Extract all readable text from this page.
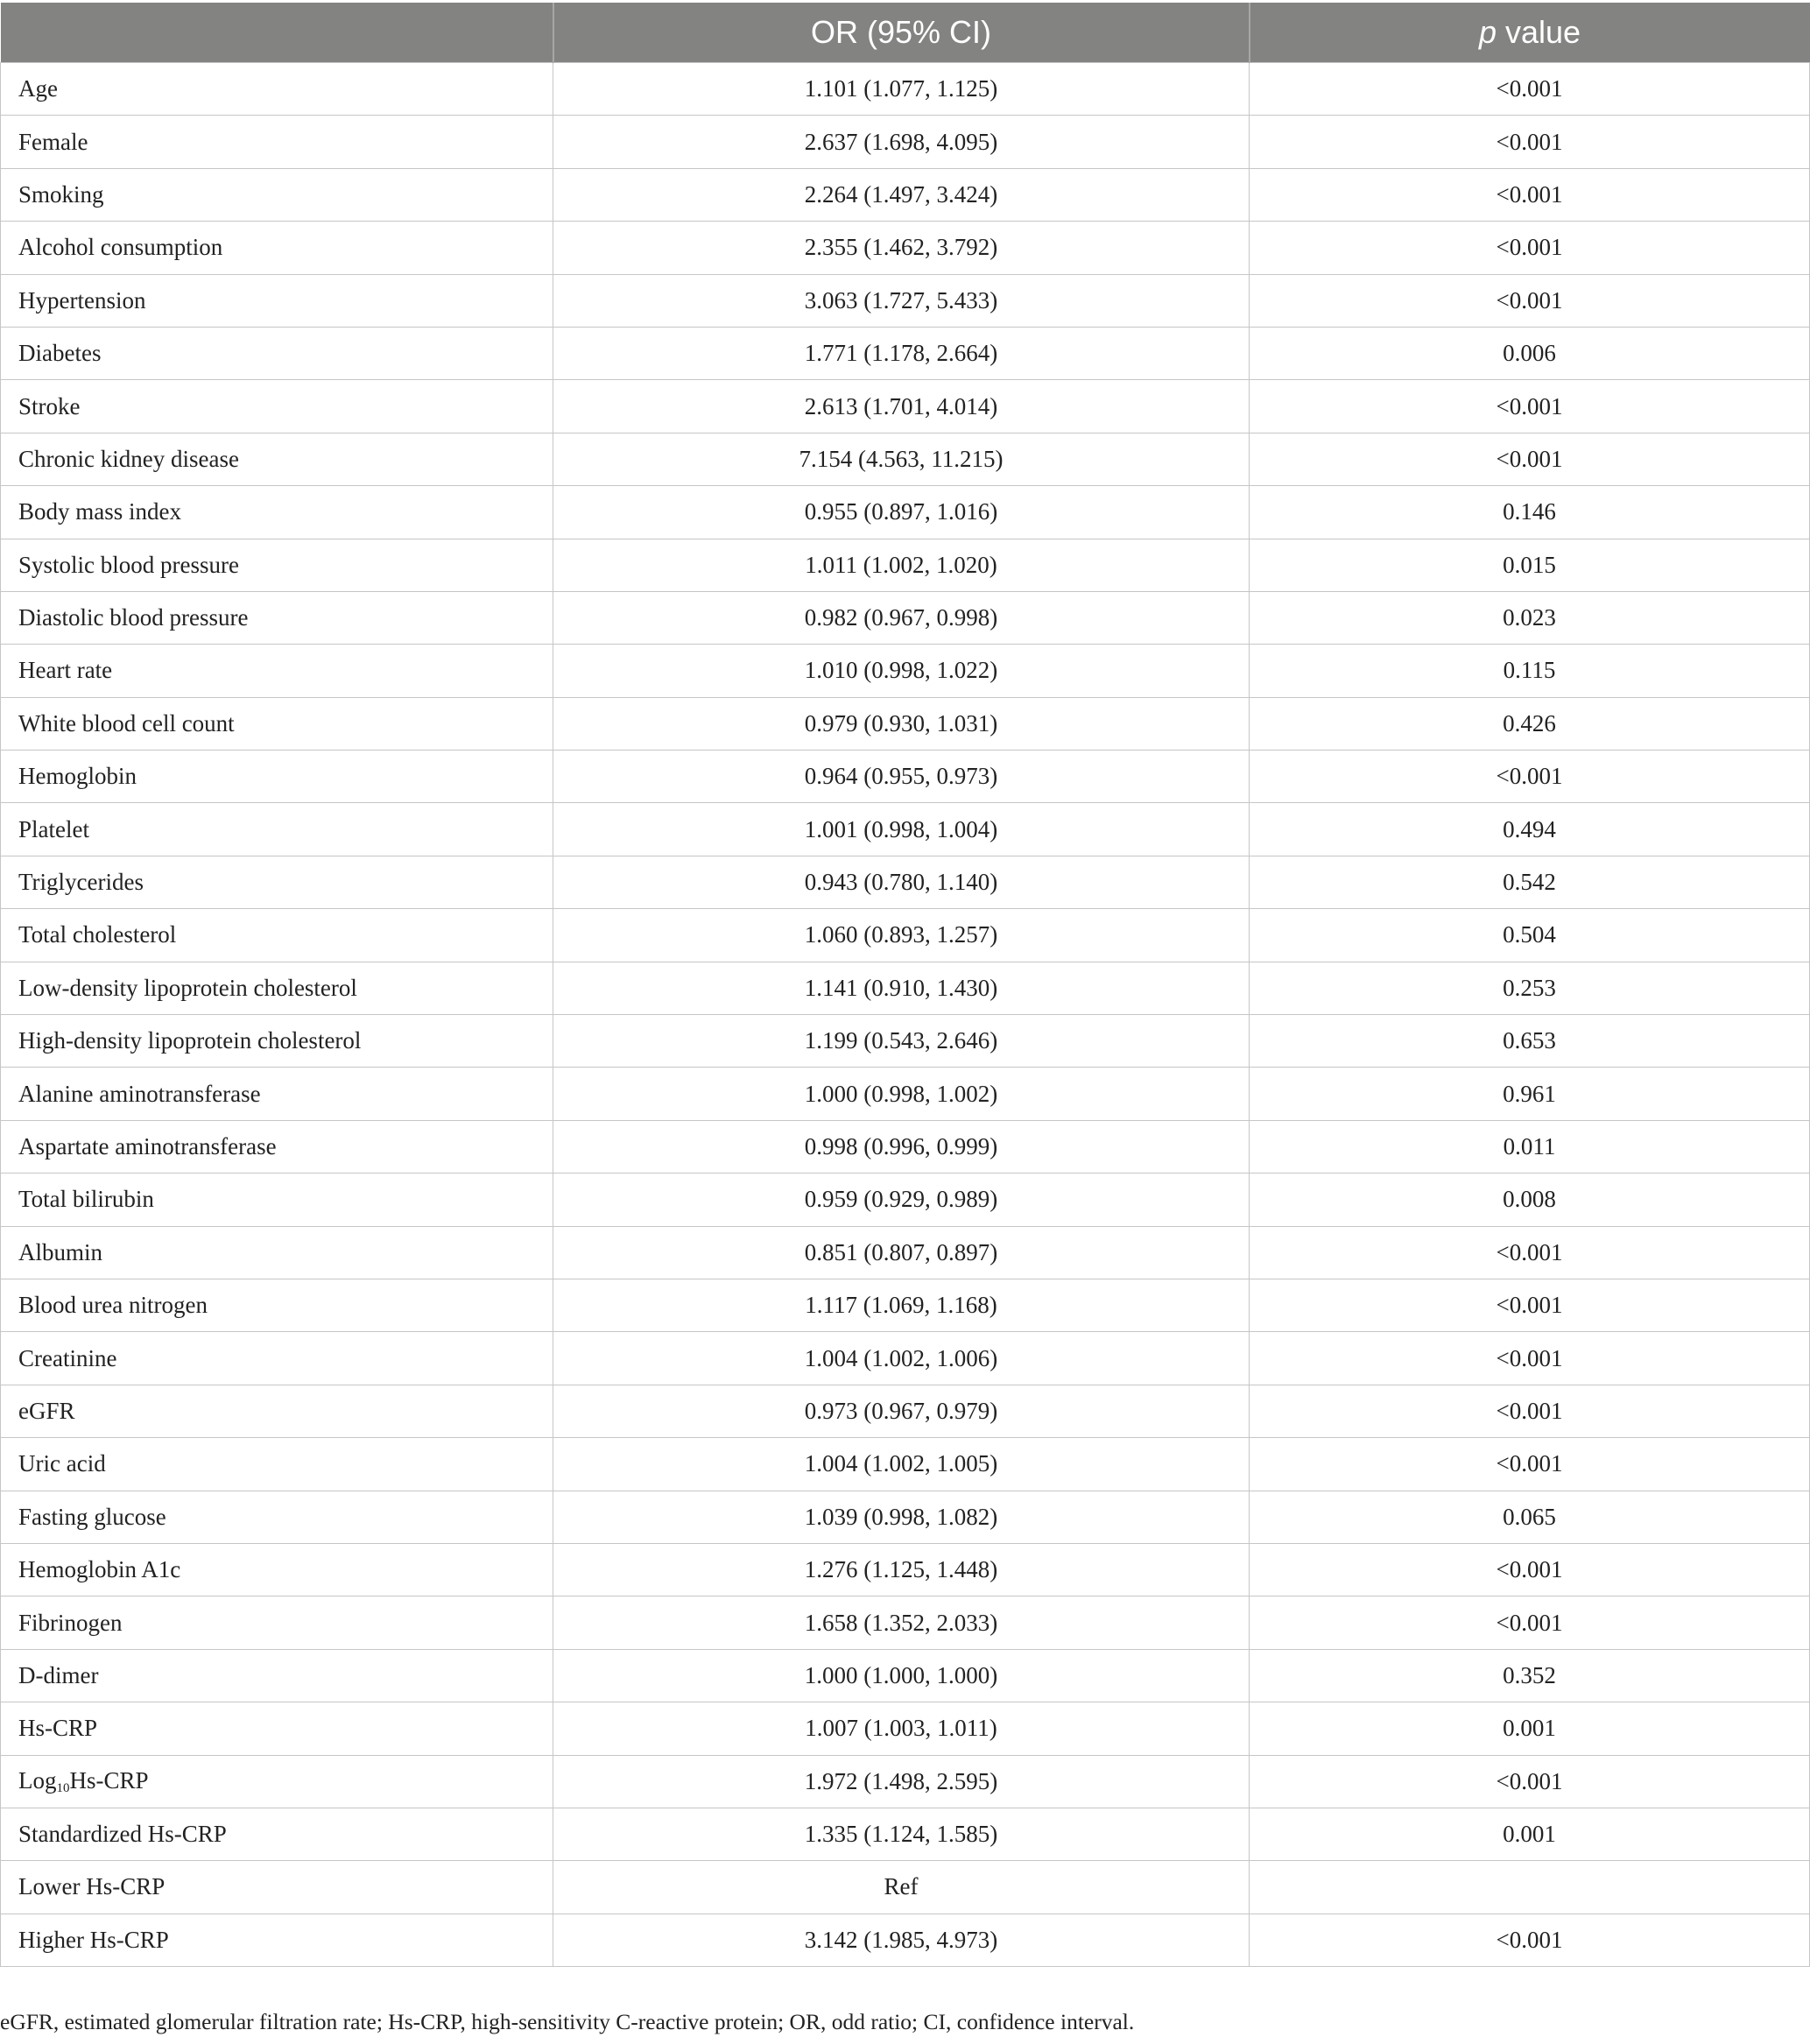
	OR (95% CI)	p value
Age	1.101 (1.077, 1.125)	<0.001
Female	2.637 (1.698, 4.095)	<0.001
Smoking	2.264 (1.497, 3.424)	<0.001
Alcohol consumption	2.355 (1.462, 3.792)	<0.001
Hypertension	3.063 (1.727, 5.433)	<0.001
Diabetes	1.771 (1.178, 2.664)	0.006
Stroke	2.613 (1.701, 4.014)	<0.001
Chronic kidney disease	7.154 (4.563, 11.215)	<0.001
Body mass index	0.955 (0.897, 1.016)	0.146
Systolic blood pressure	1.011 (1.002, 1.020)	0.015
Diastolic blood pressure	0.982 (0.967, 0.998)	0.023
Heart rate	1.010 (0.998, 1.022)	0.115
White blood cell count	0.979 (0.930, 1.031)	0.426
Hemoglobin	0.964 (0.955, 0.973)	<0.001
Platelet	1.001 (0.998, 1.004)	0.494
Triglycerides	0.943 (0.780, 1.140)	0.542
Total cholesterol	1.060 (0.893, 1.257)	0.504
Low-density lipoprotein cholesterol	1.141 (0.910, 1.430)	0.253
High-density lipoprotein cholesterol	1.199 (0.543, 2.646)	0.653
Alanine aminotransferase	1.000 (0.998, 1.002)	0.961
Aspartate aminotransferase	0.998 (0.996, 0.999)	0.011
Total bilirubin	0.959 (0.929, 0.989)	0.008
Albumin	0.851 (0.807, 0.897)	<0.001
Blood urea nitrogen	1.117 (1.069, 1.168)	<0.001
Creatinine	1.004 (1.002, 1.006)	<0.001
eGFR	0.973 (0.967, 0.979)	<0.001
Uric acid	1.004 (1.002, 1.005)	<0.001
Fasting glucose	1.039 (0.998, 1.082)	0.065
Hemoglobin A1c	1.276 (1.125, 1.448)	<0.001
Fibrinogen	1.658 (1.352, 2.033)	<0.001
D-dimer	1.000 (1.000, 1.000)	0.352
Hs-CRP	1.007 (1.003, 1.011)	0.001
Log$_{10}$Hs-CRP	1.972 (1.498, 2.595)	<0.001
Standardized Hs-CRP	1.335 (1.124, 1.585)	0.001
Lower Hs-CRP	Ref	
Higher Hs-CRP	3.142 (1.985, 4.973)	<0.001
eGFR, estimated glomerular filtration rate; Hs-CRP, high-sensitivity C-reactive protein; OR, odd ratio; CI, confidence interval.
